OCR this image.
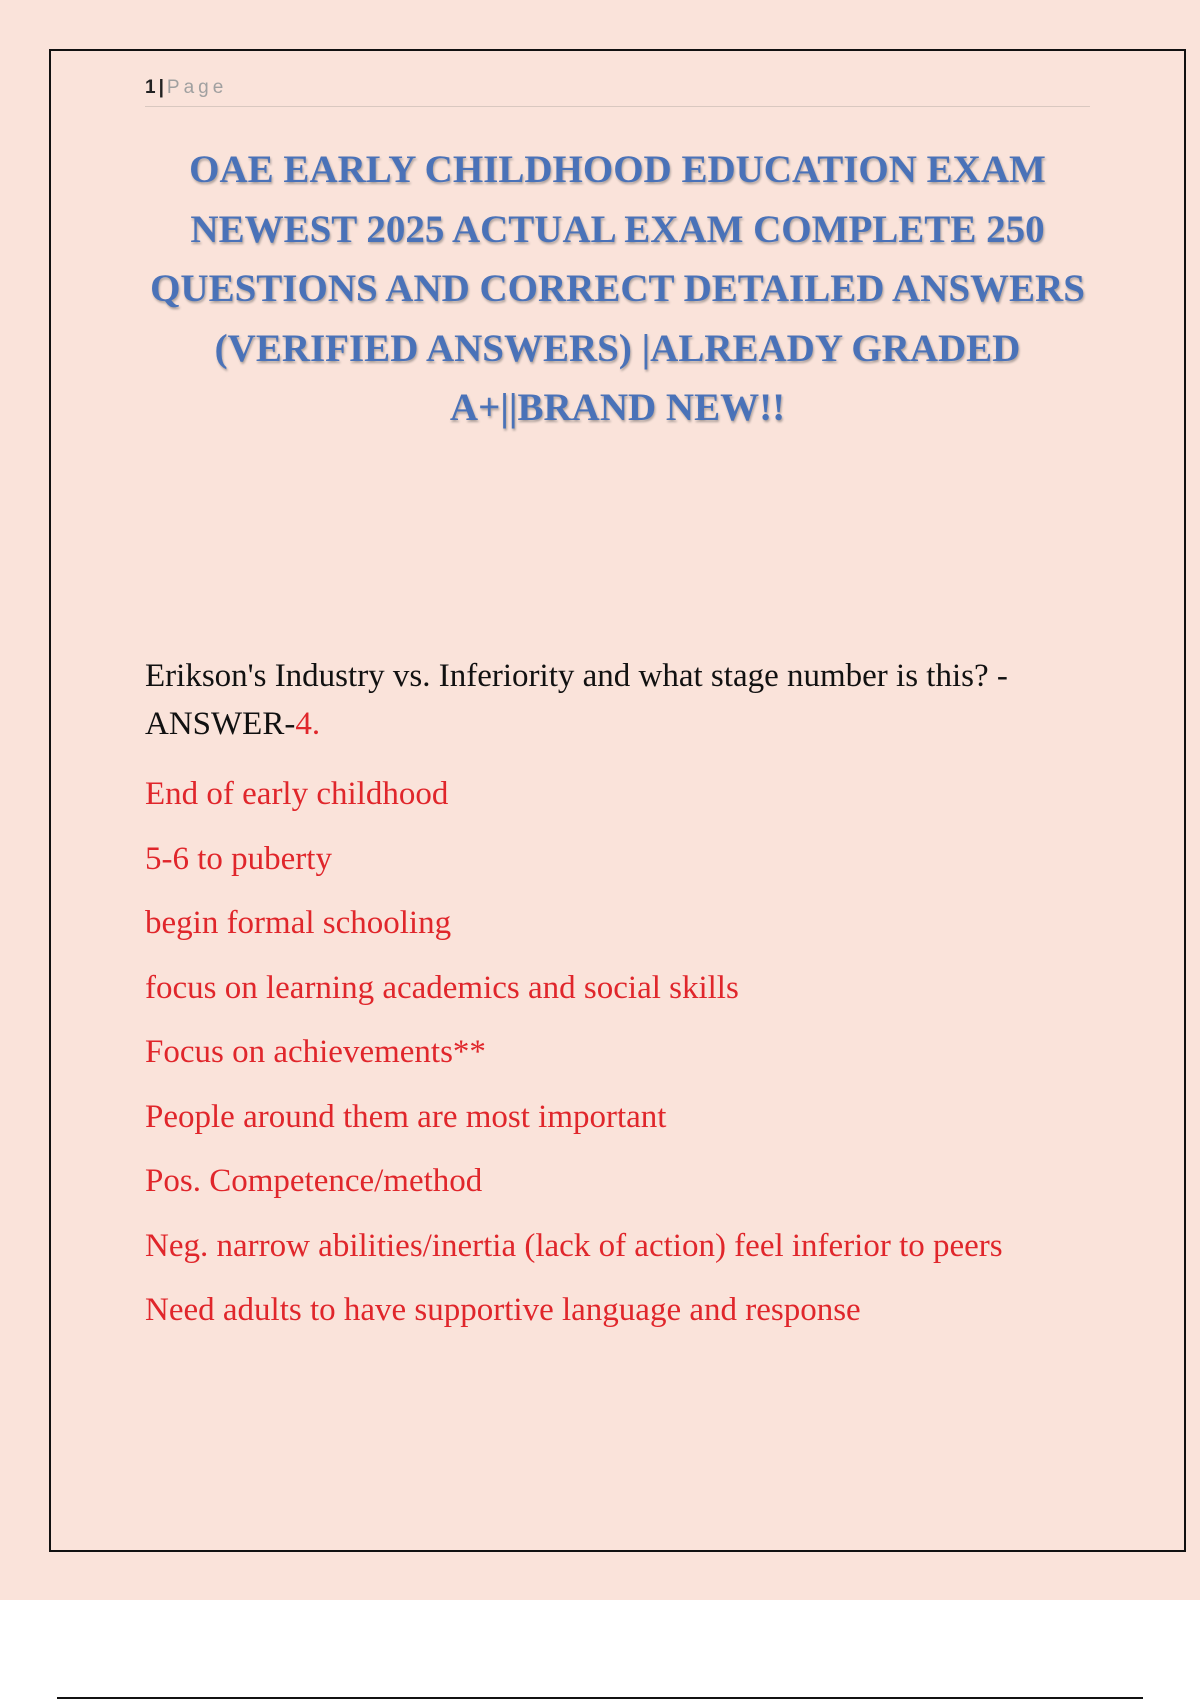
1 | Page
OAE EARLY CHILDHOOD EDUCATION EXAM NEWEST 2025 ACTUAL EXAM COMPLETE 250 QUESTIONS AND CORRECT DETAILED ANSWERS (VERIFIED ANSWERS) |ALREADY GRADED A+||BRAND NEW!!

Erikson's Industry vs. Inferiority and what stage number is this? - ANSWER-4.

End of early childhood
5-6 to puberty
begin formal schooling
focus on learning academics and social skills
Focus on achievements**
People around them are most important
Pos. Competence/method
Neg. narrow abilities/inertia (lack of action) feel inferior to peers
Need adults to have supportive language and response
